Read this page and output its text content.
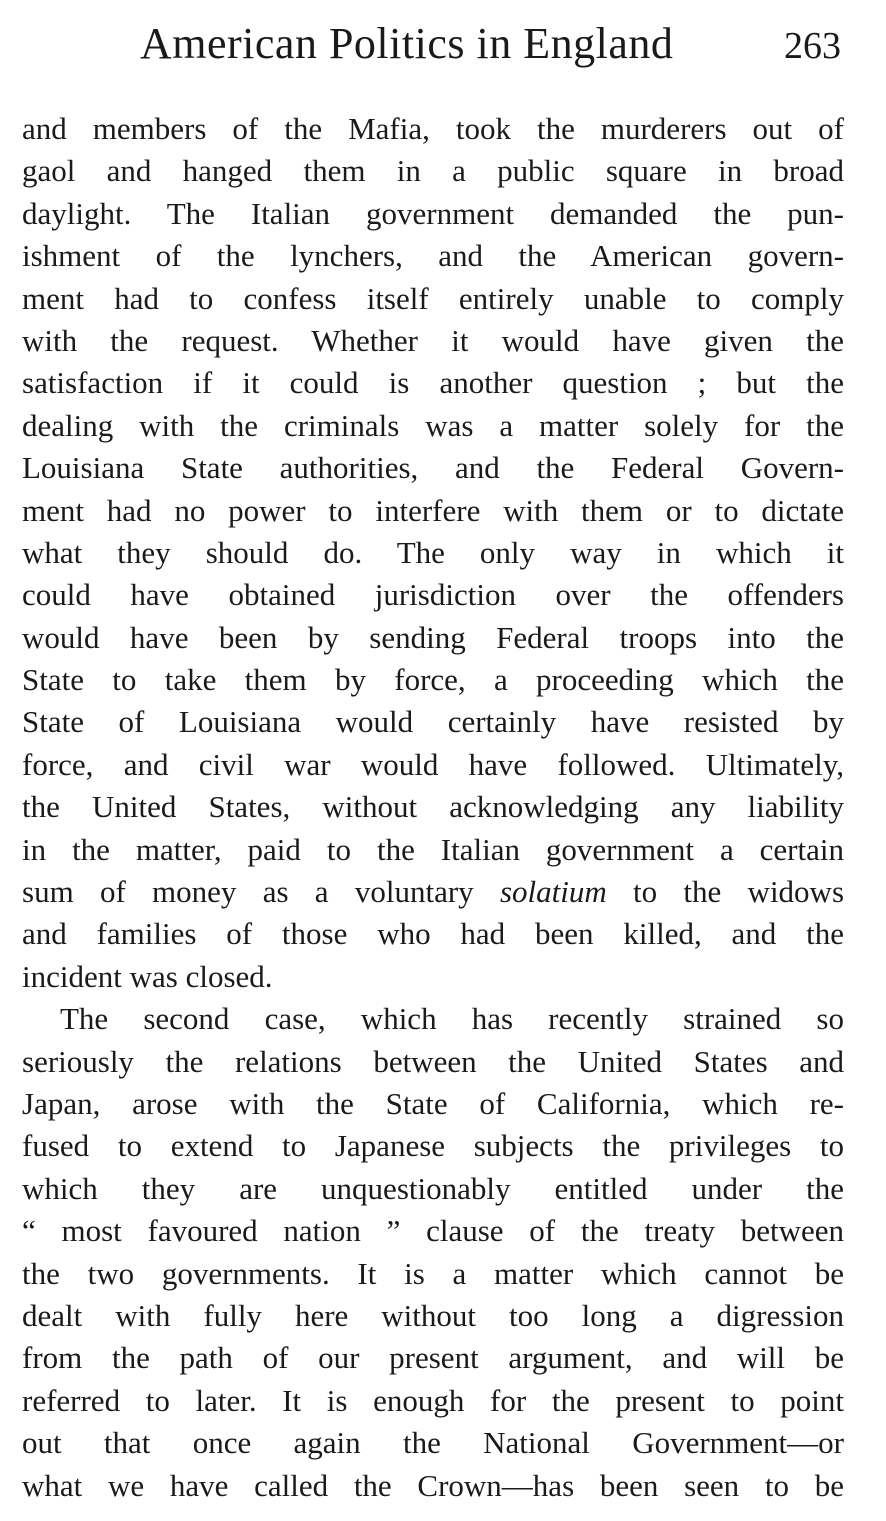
American Politics in England	263
and members of the Mafia, took the murderers out of
gaol and hanged them in a public square in broad
daylight. The Italian government demanded the pun-
ishment of the lynchers, and the American govern-
ment had to confess itself entirely unable to comply
with the request. Whether it would have given the
satisfaction if it could is another question ; but the
dealing with the criminals was a matter solely for the
Louisiana State authorities, and the Federal Govern-
ment had no power to interfere with them or to dictate
what they should do. The only way in which it
could have obtained jurisdiction over the offenders
would have been by sending Federal troops into the
State to take them by force, a proceeding which the
State of Louisiana would certainly have resisted by
force, and civil war would have followed. Ultimately,
the United States, without acknowledging any liability
in the matter, paid to the Italian government a certain
sum of money as a voluntary solatium to the widows
and families of those who had been killed, and the
incident was closed.
The second case, which has recently strained so
seriously the relations between the United States and
Japan, arose with the State of California, which re-
fused to extend to Japanese subjects the privileges to
which they are unquestionably entitled under the
“ most favoured nation ” clause of the treaty between
the two governments. It is a matter which cannot be
dealt with fully here without too long a digression
from the path of our present argument, and will be
referred to later. It is enough for the present to point
out that once again the National Government—or
what we have called the Crown—has been seen to be
